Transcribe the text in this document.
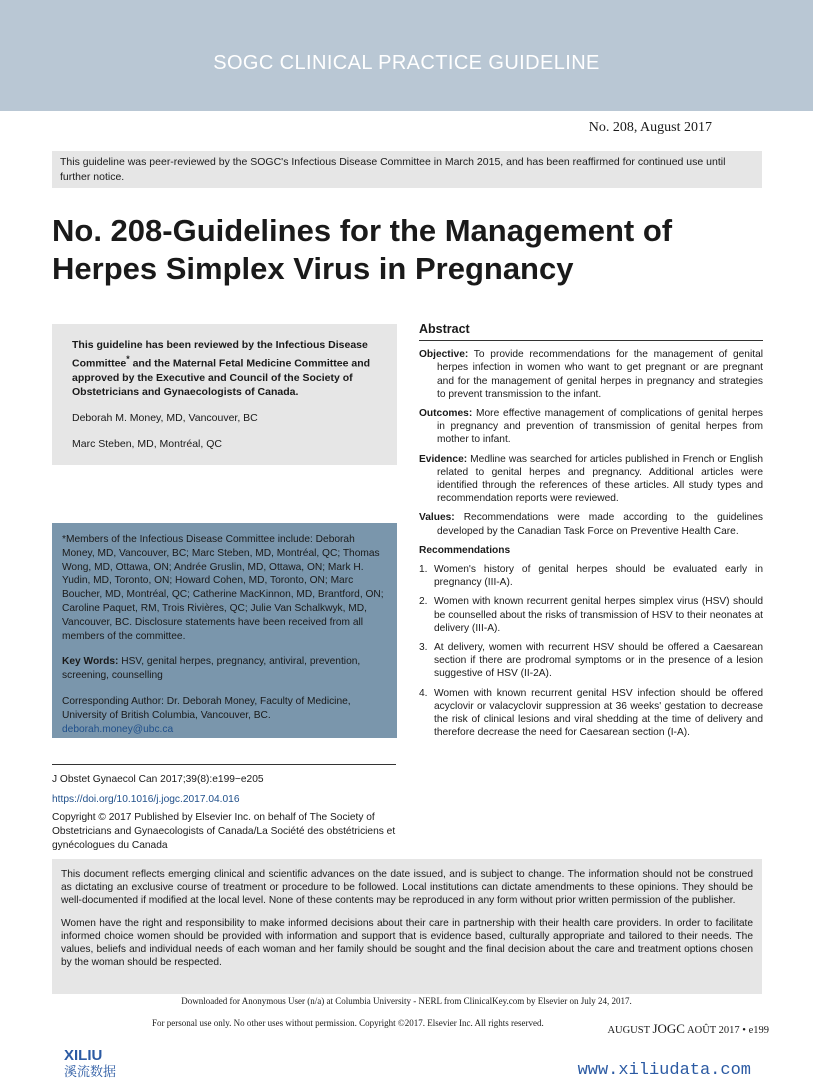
SOGC CLINICAL PRACTICE GUIDELINE
No. 208, August 2017
This guideline was peer-reviewed by the SOGC's Infectious Disease Committee in March 2015, and has been reaffirmed for continued use until further notice.
No. 208-Guidelines for the Management of Herpes Simplex Virus in Pregnancy
This guideline has been reviewed by the Infectious Disease Committee* and the Maternal Fetal Medicine Committee and approved by the Executive and Council of the Society of Obstetricians and Gynaecologists of Canada.
Deborah M. Money, MD, Vancouver, BC
Marc Steben, MD, Montréal, QC
*Members of the Infectious Disease Committee include: Deborah Money, MD, Vancouver, BC; Marc Steben, MD, Montréal, QC; Thomas Wong, MD, Ottawa, ON; Andrée Gruslin, MD, Ottawa, ON; Mark H. Yudin, MD, Toronto, ON; Howard Cohen, MD, Toronto, ON; Marc Boucher, MD, Montréal, QC; Catherine MacKinnon, MD, Brantford, ON; Caroline Paquet, RM, Trois Rivières, QC; Julie Van Schalkwyk, MD, Vancouver, BC. Disclosure statements have been received from all members of the committee.
Key Words: HSV, genital herpes, pregnancy, antiviral, prevention, screening, counselling
Corresponding Author: Dr. Deborah Money, Faculty of Medicine, University of British Columbia, Vancouver, BC.
deborah.money@ubc.ca
J Obstet Gynaecol Can 2017;39(8):e199−e205
https://doi.org/10.1016/j.jogc.2017.04.016
Copyright © 2017 Published by Elsevier Inc. on behalf of The Society of Obstetricians and Gynaecologists of Canada/La Société des obstétriciens et gynécologues du Canada
Abstract
Objective: To provide recommendations for the management of genital herpes infection in women who want to get pregnant or are pregnant and for the management of genital herpes in pregnancy and strategies to prevent transmission to the infant.
Outcomes: More effective management of complications of genital herpes in pregnancy and prevention of transmission of genital herpes from mother to infant.
Evidence: Medline was searched for articles published in French or English related to genital herpes and pregnancy. Additional articles were identified through the references of these articles. All study types and recommendation reports were reviewed.
Values: Recommendations were made according to the guidelines developed by the Canadian Task Force on Preventive Health Care.
Recommendations
1. Women's history of genital herpes should be evaluated early in pregnancy (III-A).
2. Women with known recurrent genital herpes simplex virus (HSV) should be counselled about the risks of transmission of HSV to their neonates at delivery (III-A).
3. At delivery, women with recurrent HSV should be offered a Caesarean section if there are prodromal symptoms or in the presence of a lesion suggestive of HSV (II-2A).
4. Women with known recurrent genital HSV infection should be offered acyclovir or valacyclovir suppression at 36 weeks' gestation to decrease the risk of clinical lesions and viral shedding at the time of delivery and therefore decrease the need for Caesarean section (I-A).
This document reflects emerging clinical and scientific advances on the date issued, and is subject to change. The information should not be construed as dictating an exclusive course of treatment or procedure to be followed. Local institutions can dictate amendments to these opinions. They should be well-documented if modified at the local level. None of these contents may be reproduced in any form without prior written permission of the publisher.
Women have the right and responsibility to make informed decisions about their care in partnership with their health care providers. In order to facilitate informed choice women should be provided with information and support that is evidence based, culturally appropriate and tailored to their needs. The values, beliefs and individual needs of each woman and her family should be sought and the final decision about the care and treatment options chosen by the woman should be respected.
Downloaded for Anonymous User (n/a) at Columbia University - NERL from ClinicalKey.com by Elsevier on July 24, 2017.
For personal use only. No other uses without permission. Copyright ©2017. Elsevier Inc. All rights reserved.
AUGUST JOGC AOÛT 2017 • e199
XILIU
溪流数据	www.xiliudata.com
